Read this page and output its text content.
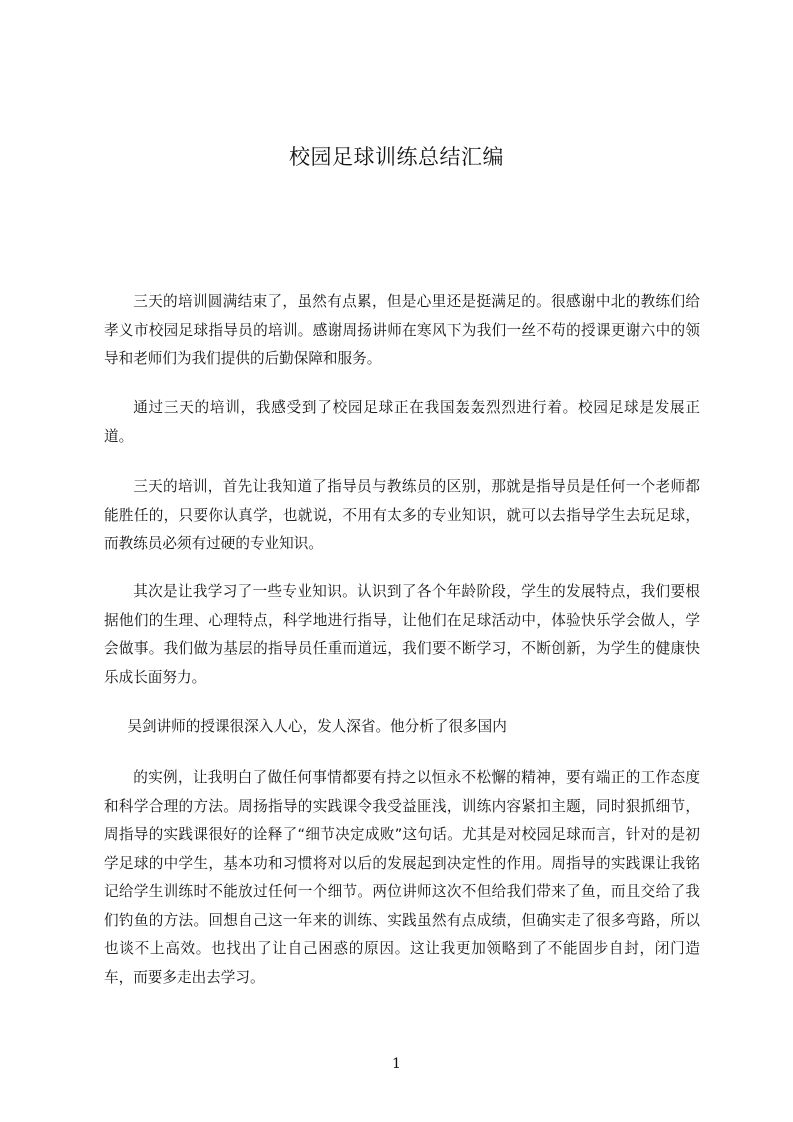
校园足球训练总结汇编

三天的培训圆满结束了，虽然有点累，但是心里还是挺满足的。很感谢中北的教练们给孝义市校园足球指导员的培训。感谢周扬讲师在寒风下为我们一丝不苟的授课更谢六中的领导和老师们为我们提供的后勤保障和服务。

通过三天的培训，我感受到了校园足球正在我国轰轰烈烈进行着。校园足球是发展正道。

三天的培训，首先让我知道了指导员与教练员的区别，那就是指导员是任何一个老师都能胜任的，只要你认真学，也就说，不用有太多的专业知识，就可以去指导学生去玩足球，而教练员必须有过硬的专业知识。

其次是让我学习了一些专业知识。认识到了各个年龄阶段，学生的发展特点，我们要根据他们的生理、心理特点，科学地进行指导，让他们在足球活动中，体验快乐学会做人，学会做事。我们做为基层的指导员任重而道远，我们要不断学习，不断创新，为学生的健康快乐成长面努力。

吴剑讲师的授课很深入人心，发人深省。他分析了很多国内

的实例，让我明白了做任何事情都要有持之以恒永不松懈的精神，要有端正的工作态度和科学合理的方法。周扬指导的实践课令我受益匪浅，训练内容紧扣主题，同时狠抓细节，周指导的实践课很好的诠释了“细节决定成败”这句话。尤其是对校园足球而言，针对的是初学足球的中学生，基本功和习惯将对以后的发展起到决定性的作用。周指导的实践课让我铭记给学生训练时不能放过任何一个细节。两位讲师这次不但给我们带来了鱼，而且交给了我们钓鱼的方法。回想自己这一年来的训练、实践虽然有点成绩，但确实走了很多弯路，所以也谈不上高效。也找出了让自己困惑的原因。这让我更加领略到了不能固步自封，闭门造车，而要多走出去学习。

1
